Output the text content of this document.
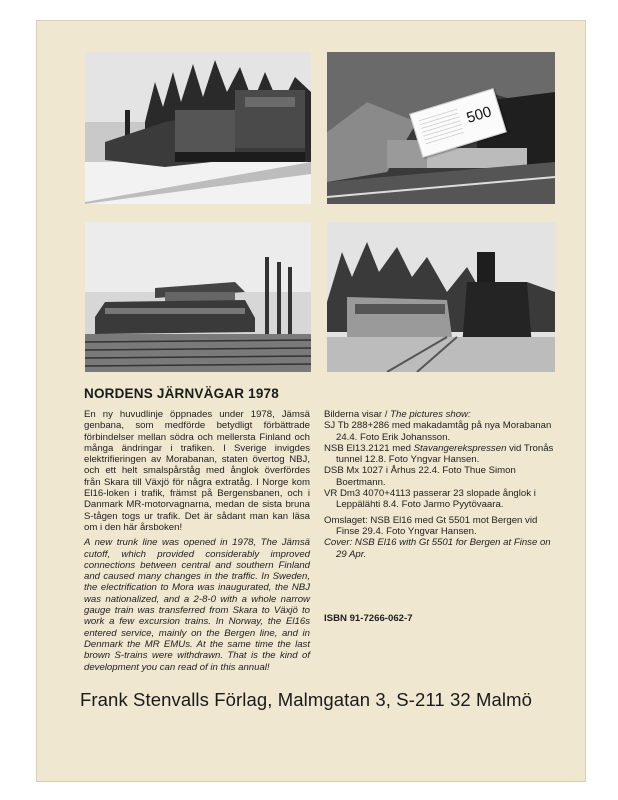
500
NORDENS JÄRNVÄGAR 1978

En ny huvudlinje öppnades under 1978, Jämsä genbana, som medförde betydligt förbättrade förbindelser mellan södra och mellersta Finland och många ändringar i trafiken. I Sverige invigdes elektrifieringen av Morabanan, staten övertog NBJ, och ett helt smalspårståg med ånglok överfördes från Skara till Växjö för några extratåg. I Norge kom El16-loken i trafik, främst på Bergensbanen, och i Danmark MR-motorvagnarna, medan de sista bruna S-tågen togs ur trafik. Det är sådant man kan läsa om i den här årsboken!

A new trunk line was opened in 1978, The Jämsä cutoff, which provided considerably improved connections between central and southern Finland and caused many changes in the traffic. In Sweden, the electrification to Mora was inaugurated, the NBJ was nationalized, and a 2-8-0 with a whole narrow gauge train was transferred from Skara to Växjö to work a few excursion trains. In Norway, the El16s entered service, mainly on the Bergen line, and in Denmark the MR EMUs. At the same time the last brown S-trains were withdrawn. That is the kind of development you can read of in this annual!

Bilderna visar / The pictures show:

SJ Tb 288+286 med makadamtåg på nya Morabanan 24.4. Foto Erik Johansson.

NSB El13.2121 med Stavangerekspressen vid Tronås tunnel 12.8. Foto Yngvar Hansen.

DSB Mx 1027 i Århus 22.4. Foto Thue Simon Boertmann.

VR Dm3 4070+4113 passerar 23 slopade ånglok i Leppälähti 8.4. Foto Jarmo Pyytövaara.

Omslaget: NSB El16 med Gt 5501 mot Bergen vid Finse 29.4. Foto Yngvar Hansen.

Cover: NSB El16 with Gt 5501 for Bergen at Finse on 29 Apr.

ISBN 91-7266-062-7
Frank Stenvalls Förlag, Malmgatan 3, S-211 32 Malmö
